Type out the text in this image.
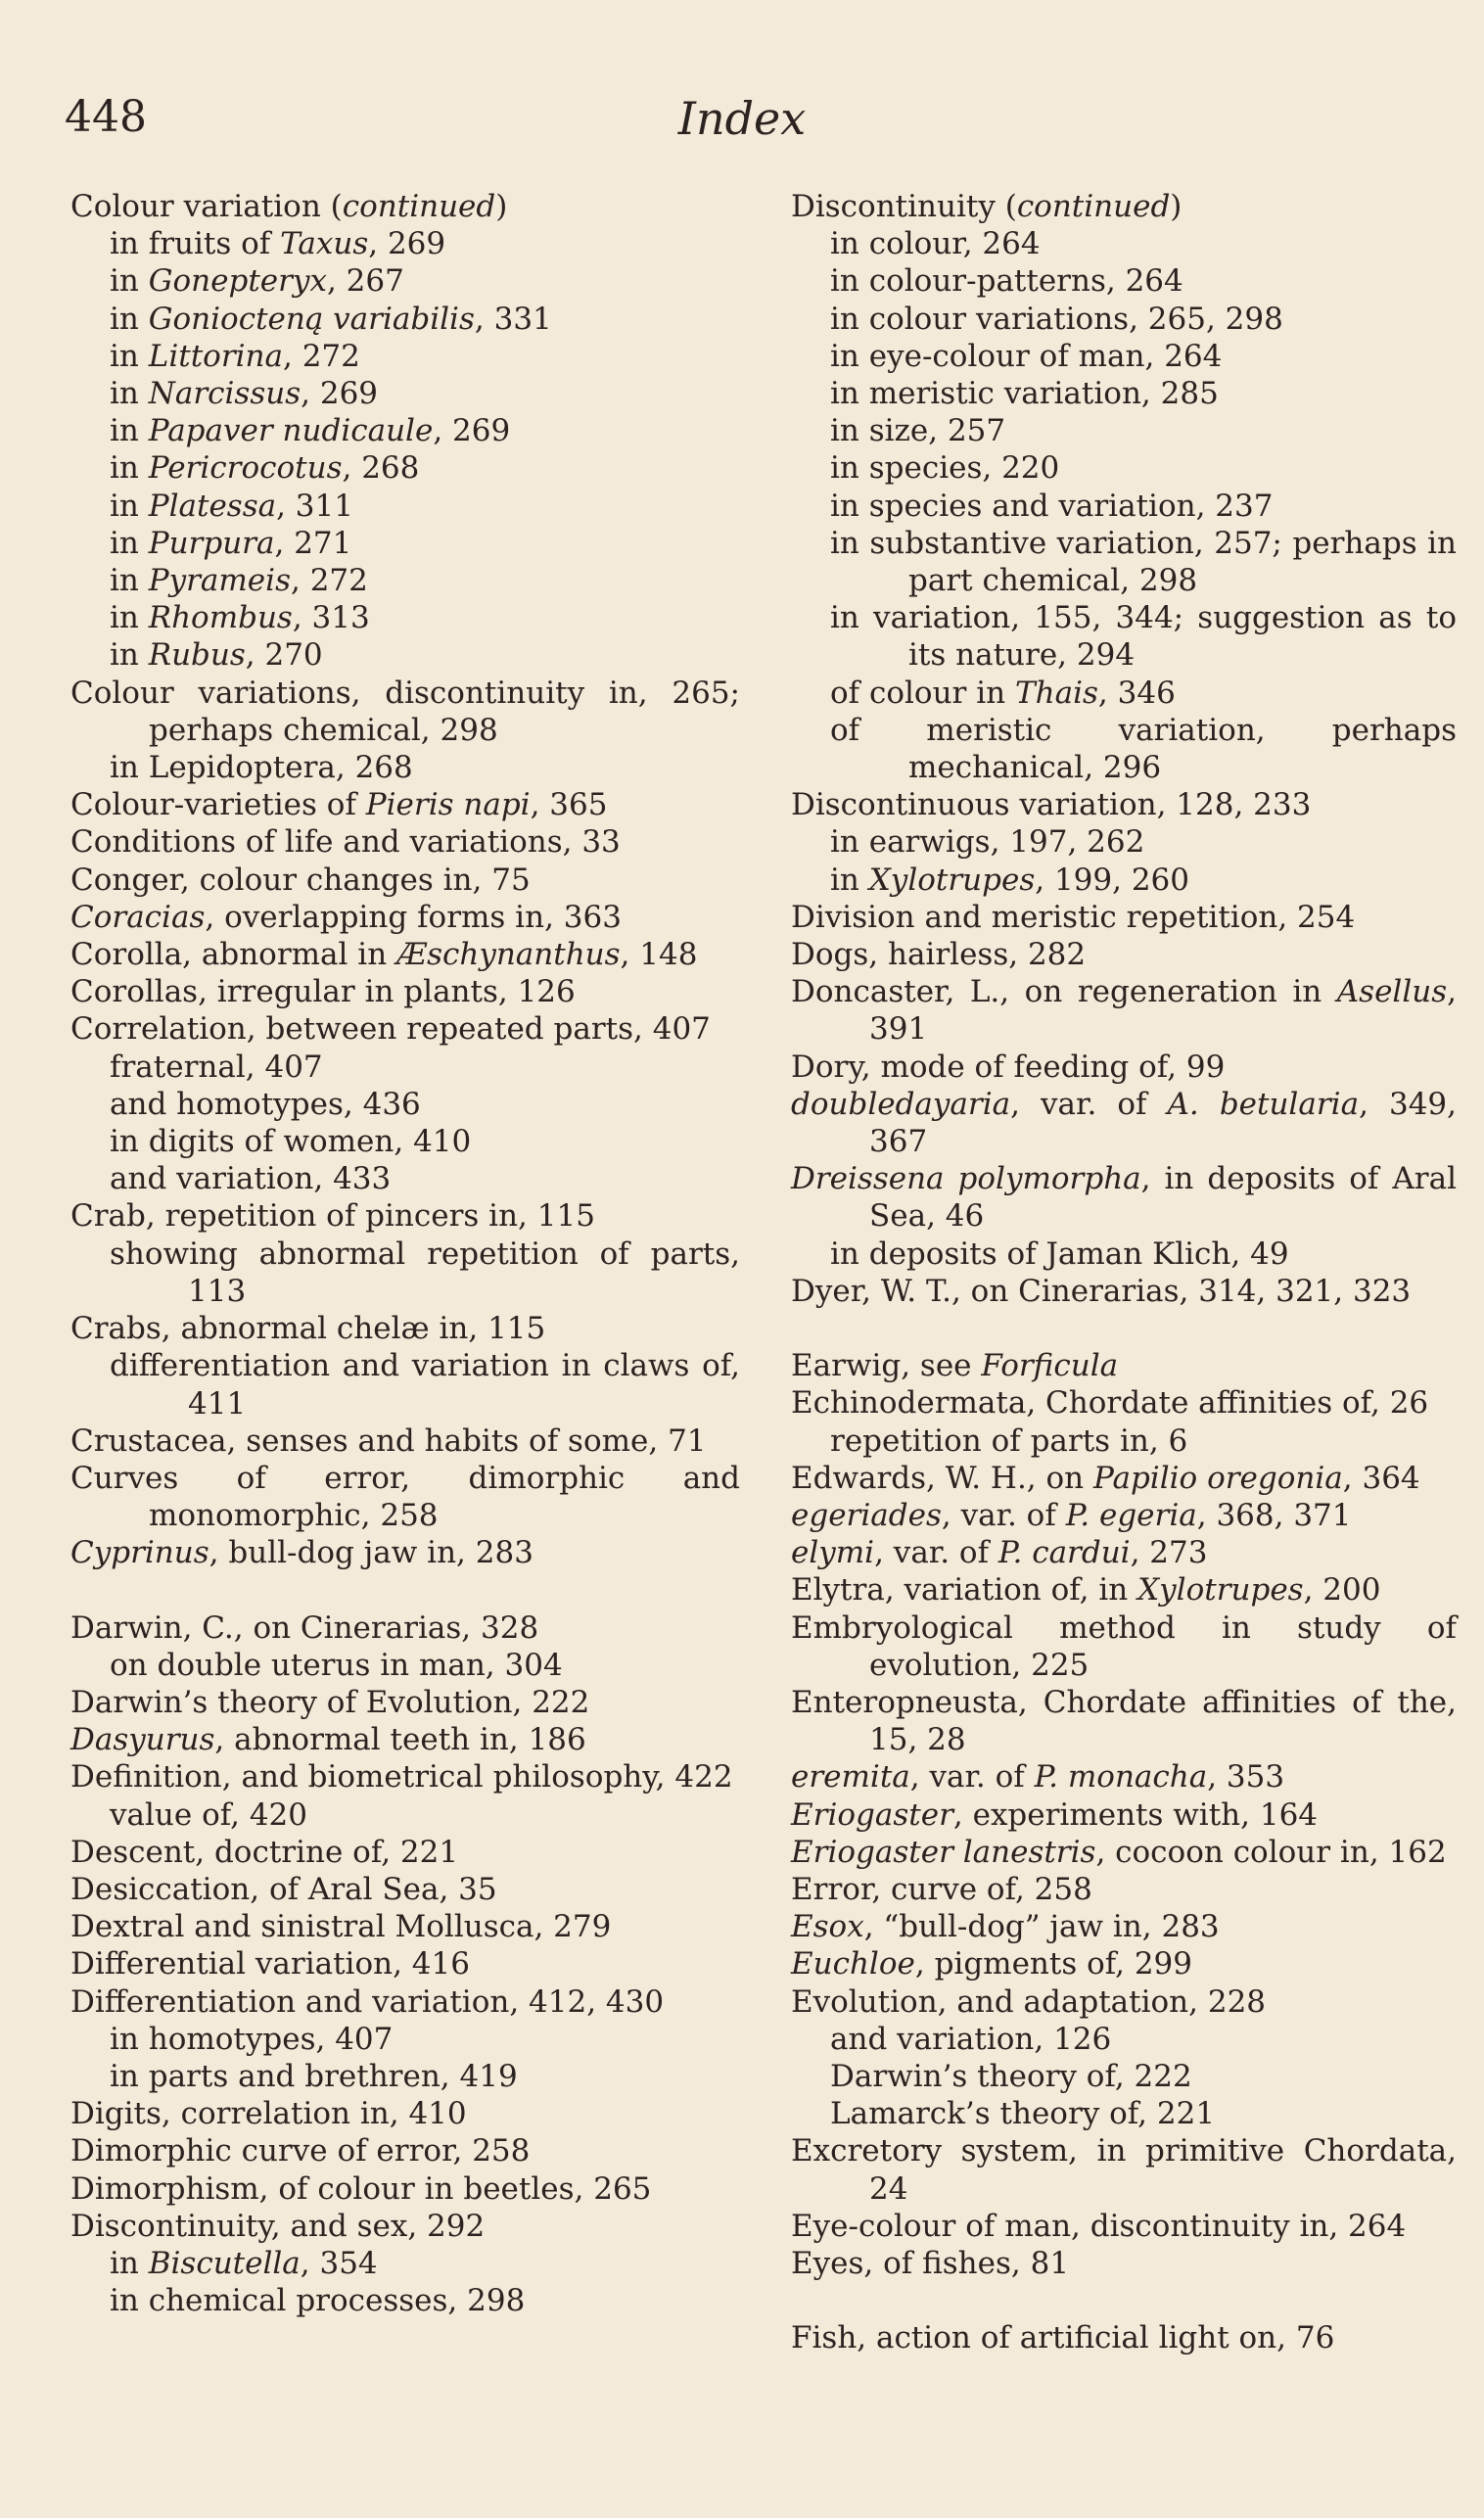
448	Index

Colour variation (continued)

in fruits of Taxus, 269

in Gonepteryx, 267

in Goniocteną variabilis, 331

in Littorina, 272

in Narcissus, 269

in Papaver nudicaule, 269

in Pericrocotus, 268

in Platessa, 311

in Purpura, 271

in Pyrameis, 272

in Rhombus, 313

in Rubus, 270

Colour variations, discontinuity in, 265; perhaps chemical, 298

in Lepidoptera, 268

Colour-varieties of Pieris napi, 365

Conditions of life and variations, 33

Conger, colour changes in, 75

Coracias, overlapping forms in, 363

Corolla, abnormal in Æschynanthus, 148

Corollas, irregular in plants, 126

Correlation, between repeated parts, 407

fraternal, 407

and homotypes, 436

in digits of women, 410

and variation, 433

Crab, repetition of pincers in, 115

showing abnormal repetition of parts, 113

Crabs, abnormal chelæ in, 115

differentiation and variation in claws of, 411

Crustacea, senses and habits of some, 71

Curves of error, dimorphic and monomorphic, 258

Cyprinus, bull-dog jaw in, 283

Darwin, C., on Cinerarias, 328

on double uterus in man, 304

Darwin’s theory of Evolution, 222

Dasyurus, abnormal teeth in, 186

Definition, and biometrical philosophy, 422

value of, 420

Descent, doctrine of, 221

Desiccation, of Aral Sea, 35

Dextral and sinistral Mollusca, 279

Differential variation, 416

Differentiation and variation, 412, 430

in homotypes, 407

in parts and brethren, 419

Digits, correlation in, 410

Dimorphic curve of error, 258

Dimorphism, of colour in beetles, 265

Discontinuity, and sex, 292

in Biscutella, 354

in chemical processes, 298

Discontinuity (continued)

in colour, 264

in colour-patterns, 264

in colour variations, 265, 298

in eye-colour of man, 264

in meristic variation, 285

in size, 257

in species, 220

in species and variation, 237

in substantive variation, 257; perhaps in part chemical, 298

in variation, 155, 344; suggestion as to its nature, 294

of colour in Thais, 346

of meristic variation, perhaps mechanical, 296

Discontinuous variation, 128, 233

in earwigs, 197, 262

in Xylotrupes, 199, 260

Division and meristic repetition, 254

Dogs, hairless, 282

Doncaster, L., on regeneration in Asellus, 391

Dory, mode of feeding of, 99

doubledayaria, var. of A. betularia, 349, 367

Dreissena polymorpha, in deposits of Aral Sea, 46

in deposits of Jaman Klich, 49

Dyer, W. T., on Cinerarias, 314, 321, 323

Earwig, see Forficula

Echinodermata, Chordate affinities of, 26

repetition of parts in, 6

Edwards, W. H., on Papilio oregonia, 364

egeriades, var. of P. egeria, 368, 371

elymi, var. of P. cardui, 273

Elytra, variation of, in Xylotrupes, 200

Embryological method in study of evolution, 225

Enteropneusta, Chordate affinities of the, 15, 28

eremita, var. of P. monacha, 353

Eriogaster, experiments with, 164

Eriogaster lanestris, cocoon colour in, 162

Error, curve of, 258

Esox, “bull-dog” jaw in, 283

Euchloe, pigments of, 299

Evolution, and adaptation, 228

and variation, 126

Darwin’s theory of, 222

Lamarck’s theory of, 221

Excretory system, in primitive Chordata, 24

Eye-colour of man, discontinuity in, 264

Eyes, of fishes, 81

Fish, action of artificial light on, 76
